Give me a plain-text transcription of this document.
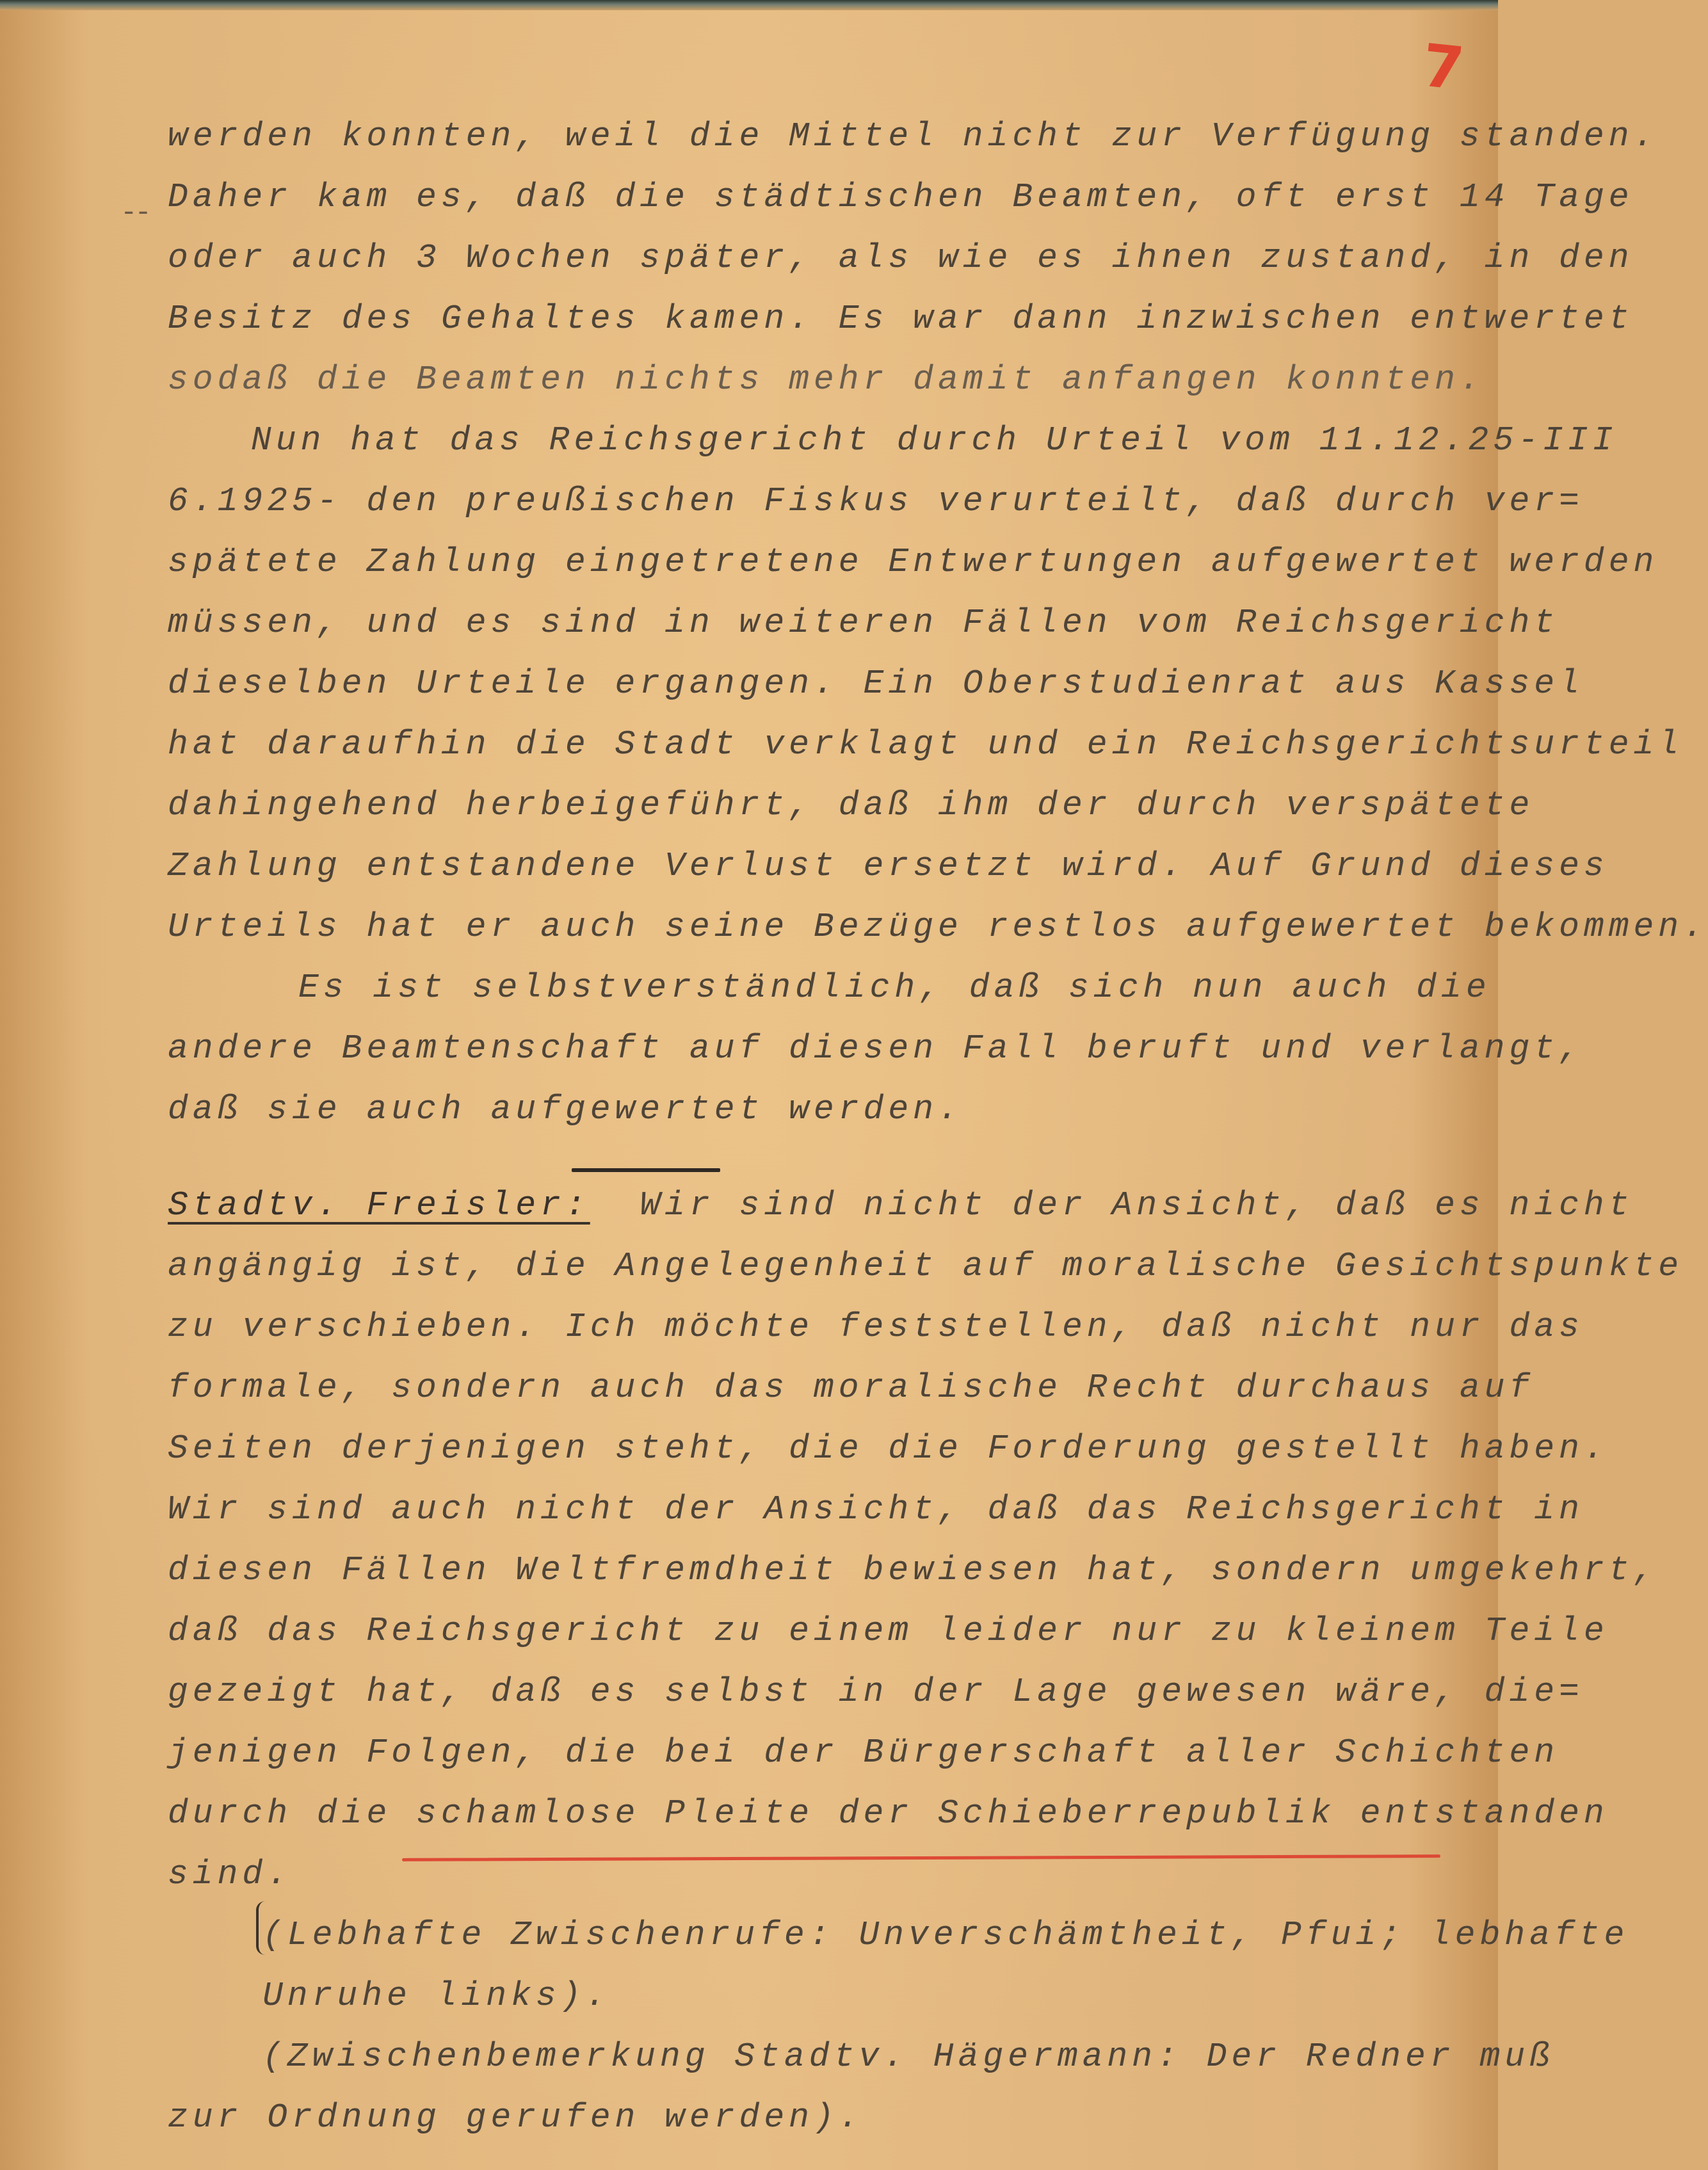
7
--
werden konnten, weil die Mittel nicht zur Verfügung standen.
Daher kam es, daß die städtischen Beamten, oft erst 14 Tage
oder auch 3 Wochen später, als wie es ihnen zustand, in den
Besitz des Gehaltes kamen. Es war dann inzwischen entwertet
sodaß die Beamten nichts mehr damit anfangen konnten.
Nun hat das Reichsgericht durch Urteil vom 11.12.25-III
6.1925- den preußischen Fiskus verurteilt, daß durch ver=
spätete Zahlung eingetretene Entwertungen aufgewertet werden
müssen, und es sind in weiteren Fällen vom Reichsgericht
dieselben Urteile ergangen. Ein Oberstudienrat aus Kassel
hat daraufhin die Stadt verklagt und ein Reichsgerichtsurteil
dahingehend herbeigeführt, daß ihm der durch verspätete
Zahlung entstandene Verlust ersetzt wird. Auf Grund dieses
Urteils hat er auch seine Bezüge restlos aufgewertet bekommen.
Es ist selbstverständlich, daß sich nun auch die
andere Beamtenschaft auf diesen Fall beruft und verlangt,
daß sie auch aufgewertet werden.
Stadtv. Freisler: Wir sind nicht der Ansicht, daß es nicht
angängig ist, die Angelegenheit auf moralische Gesichtspunkte
zu verschieben. Ich möchte feststellen, daß nicht nur das
formale, sondern auch das moralische Recht durchaus auf
Seiten derjenigen steht, die die Forderung gestellt haben.
Wir sind auch nicht der Ansicht, daß das Reichsgericht in
diesen Fällen Weltfremdheit bewiesen hat, sondern umgekehrt,
daß das Reichsgericht zu einem leider nur zu kleinem Teile
gezeigt hat, daß es selbst in der Lage gewesen wäre, die=
jenigen Folgen, die bei der Bürgerschaft aller Schichten
durch die schamlose Pleite der Schieberrepublik entstanden
sind.
(Lebhafte Zwischenrufe: Unverschämtheit, Pfui; lebhafte
Unruhe links).
(Zwischenbemerkung Stadtv. Hägermann: Der Redner muß
zur Ordnung gerufen werden).
